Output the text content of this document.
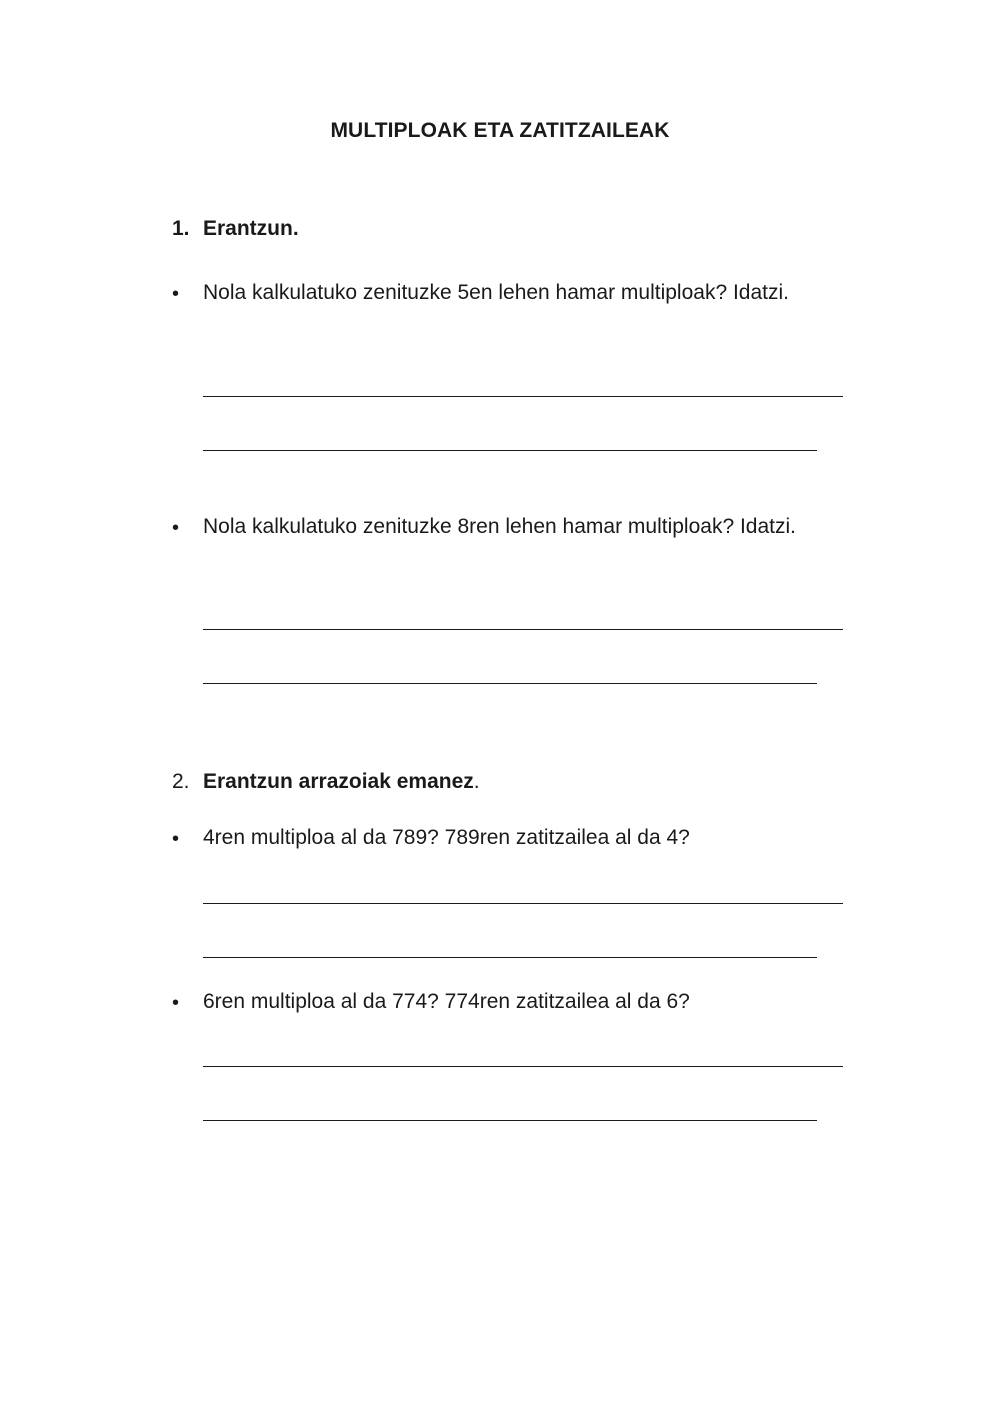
MULTIPLOAK ETA ZATITZAILEAK
1. Erantzun.
• Nola kalkulatuko zenituzke 5en lehen hamar multiploak? Idatzi.
• Nola kalkulatuko zenituzke 8ren lehen hamar multiploak? Idatzi.
2. Erantzun arrazoiak emanez.
• 4ren multiploa al da 789? 789ren zatitzailea al da 4?
• 6ren multiploa al da 774? 774ren zatitzailea al da 6?
